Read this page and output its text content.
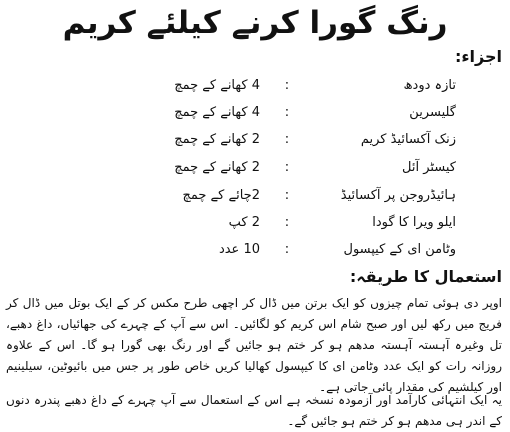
رنگ گورا کرنے کیلئے کریم
اجزاء:
تازہ دودھ
:
4 کھانے کے چمچ
گلیسرین
:
4 کھانے کے چمچ
زنک آکسائیڈ کریم
:
2 کھانے کے چمچ
کیسٹر آئل
:
2 کھانے کے چمچ
ہائیڈروجن پر آکسائیڈ
:
2چائے کے چمچ
ایلو ویرا کا گودا
:
2 کپ
وٹامن ای کے کیپسول
:
10 عدد
استعمال کا طریقہ:
اوپر دی ہوئی تمام چیزوں کو ایک برتن میں ڈال کر اچھی طرح مکس کر کے ایک بوتل میں ڈال کر فریج میں رکھ لیں اور صبح شام اس کریم کو لگائیں۔ اس سے آپ کے چہرے کی جھائیاں، داغ دھبے، تل وغیرہ آہستہ آہستہ مدھم ہو کر ختم ہو جائیں گے اور رنگ بھی گورا ہو گا۔ اس کے علاوہ روزانہ رات کو ایک عدد وٹامن ای کا کیپسول کھالیا کریں خاص طور پر جس میں بائیوٹین، سیلینیم اور کیلشیم کی مقدار پائی جاتی ہے۔
یہ ایک انتہائی کارآمد اور آزمودہ نسخہ ہے اس کے استعمال سے آپ چہرے کے داغ دھبے پندرہ دنوں کے اندر ہی مدھم ہو کر ختم ہو جائیں گے۔
